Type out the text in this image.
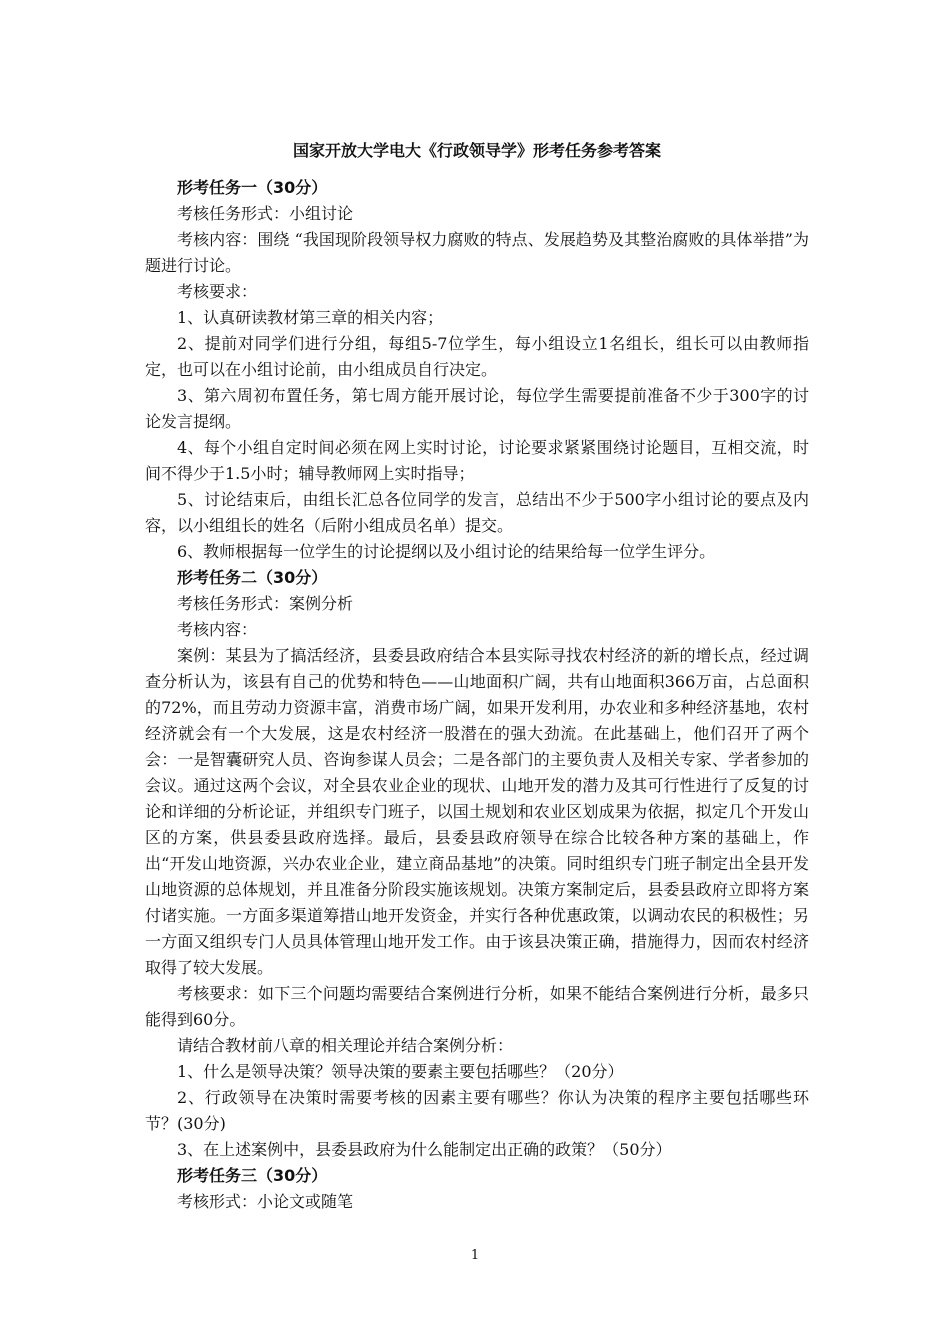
国家开放大学电大《行政领导学》形考任务参考答案
形考任务一（30分）
考核任务形式：小组讨论
考核内容：围绕 “我国现阶段领导权力腐败的特点、发展趋势及其整治腐败的具体举措”为题进行讨论。
考核要求：
1、认真研读教材第三章的相关内容；
2、提前对同学们进行分组，每组5-7位学生，每小组设立1名组长，组长可以由教师指定，也可以在小组讨论前，由小组成员自行决定。
3、第六周初布置任务，第七周方能开展讨论，每位学生需要提前准备不少于300字的讨论发言提纲。
4、每个小组自定时间必须在网上实时讨论，讨论要求紧紧围绕讨论题目，互相交流，时间不得少于1.5小时；辅导教师网上实时指导；
5、讨论结束后，由组长汇总各位同学的发言，总结出不少于500字小组讨论的要点及内容，以小组组长的姓名（后附小组成员名单）提交。
6、教师根据每一位学生的讨论提纲以及小组讨论的结果给每一位学生评分。
形考任务二（30分）
考核任务形式：案例分析
考核内容：
案例：某县为了搞活经济，县委县政府结合本县实际寻找农村经济的新的增长点，经过调查分析认为，该县有自己的优势和特色——山地面积广阔，共有山地面积366万亩，占总面积的72%，而且劳动力资源丰富，消费市场广阔，如果开发利用，办农业和多种经济基地，农村经济就会有一个大发展，这是农村经济一股潜在的强大劲流。在此基础上，他们召开了两个会：一是智囊研究人员、咨询参谋人员会；二是各部门的主要负责人及相关专家、学者参加的会议。通过这两个会议，对全县农业企业的现状、山地开发的潜力及其可行性进行了反复的讨论和详细的分析论证，并组织专门班子，以国土规划和农业区划成果为依据，拟定几个开发山区的方案，供县委县政府选择。最后，县委县政府领导在综合比较各种方案的基础上，作出“开发山地资源，兴办农业企业，建立商品基地”的决策。同时组织专门班子制定出全县开发山地资源的总体规划，并且准备分阶段实施该规划。决策方案制定后，县委县政府立即将方案付诸实施。一方面多渠道筹措山地开发资金，并实行各种优惠政策，以调动农民的积极性；另一方面又组织专门人员具体管理山地开发工作。由于该县决策正确，措施得力，因而农村经济取得了较大发展。
考核要求：如下三个问题均需要结合案例进行分析，如果不能结合案例进行分析，最多只能得到60分。
请结合教材前八章的相关理论并结合案例分析：
1、什么是领导决策？领导决策的要素主要包括哪些？（20分）
2、行政领导在决策时需要考核的因素主要有哪些？你认为决策的程序主要包括哪些环节？(30分)
3、在上述案例中，县委县政府为什么能制定出正确的政策？（50分）
形考任务三（30分）
考核形式：小论文或随笔
1
